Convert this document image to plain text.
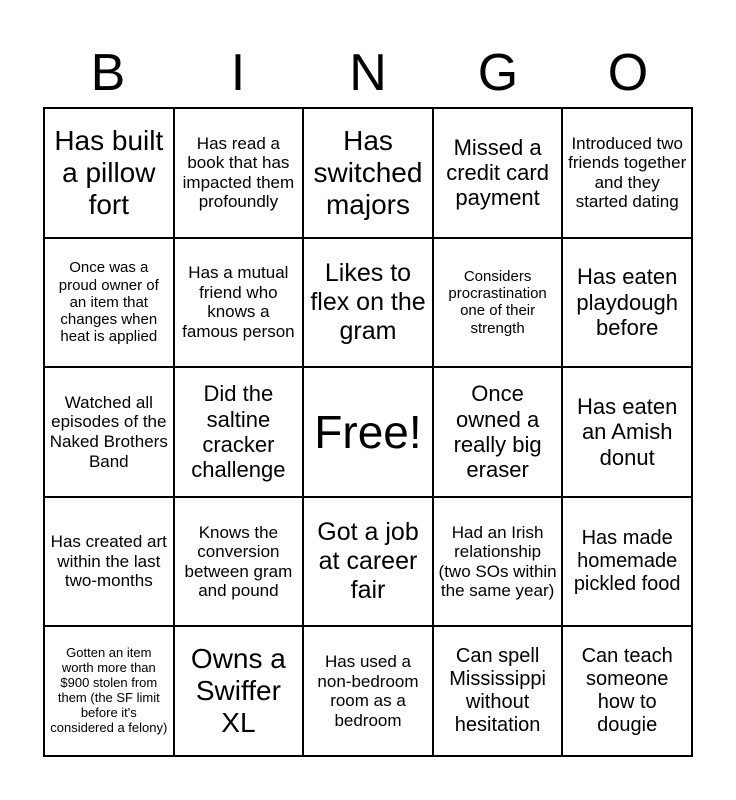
B	I	N	G	O
Has built a pillow fort
Has read a book that has impacted them profoundly
Has switched majors
Missed a credit card payment
Introduced two friends together and they started dating
Once was a proud owner of an item that changes when heat is applied
Has a mutual friend who knows a famous person
Likes to flex on the gram
Considers procrastination one of their strength
Has eaten playdough before
Watched all episodes of the Naked Brothers Band
Did the saltine cracker challenge
Free!
Once owned a really big eraser
Has eaten an Amish donut
Has created art within the last two-months
Knows the conversion between gram and pound
Got a job at career fair
Had an Irish relationship (two SOs within the same year)
Has made homemade pickled food
Gotten an item worth more than $900 stolen from them (the SF limit before it's considered a felony)
Owns a Swiffer XL
Has used a non-bedroom room as a bedroom
Can spell Mississippi without hesitation
Can teach someone how to dougie
